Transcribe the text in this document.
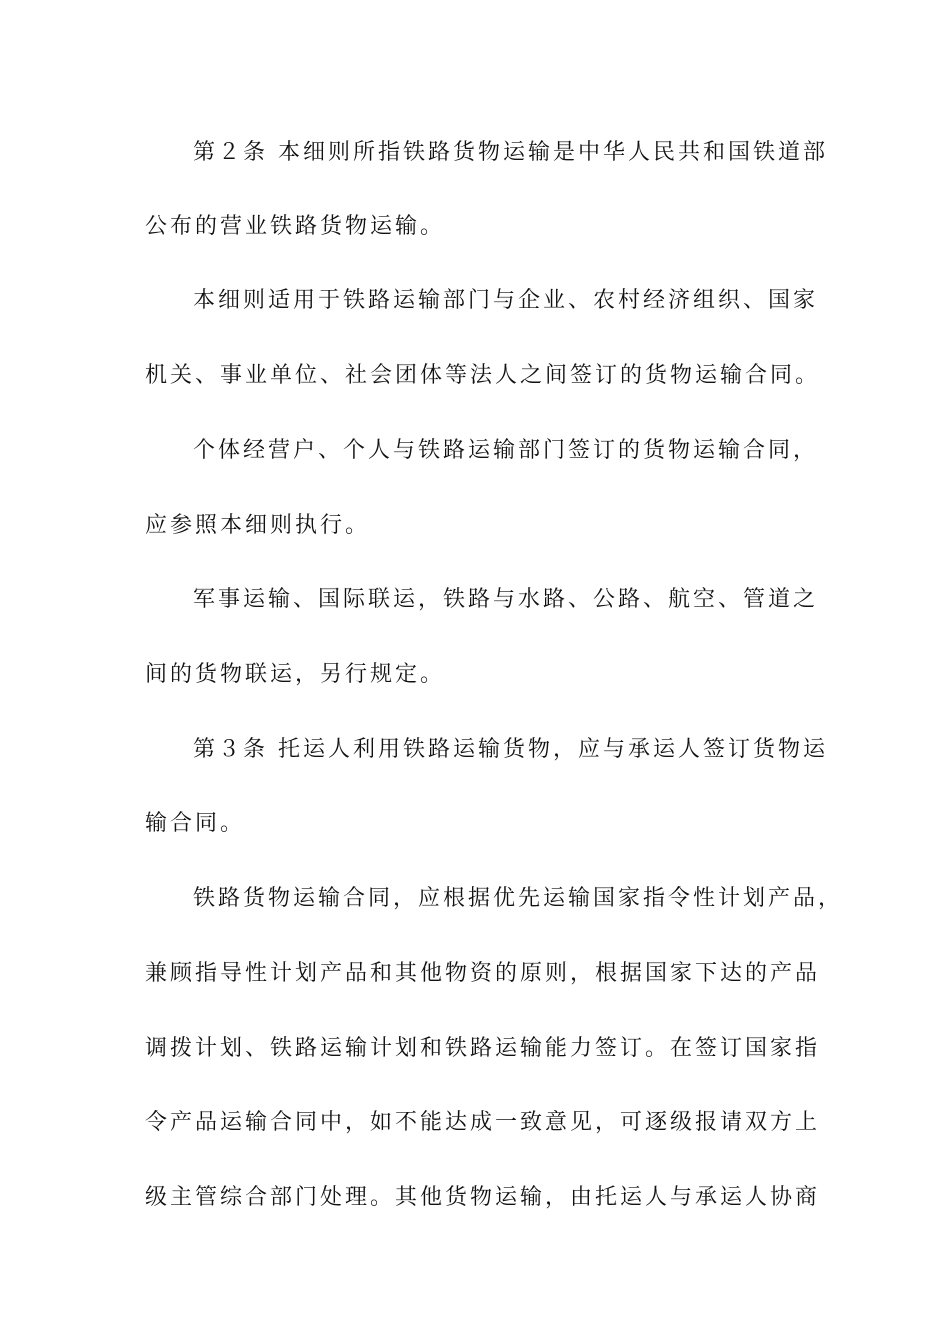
第２条 本细则所指铁路货物运输是中华人民共和国铁道部
公布的营业铁路货物运输。
本细则适用于铁路运输部门与企业、农村经济组织、国家
机关、事业单位、社会团体等法人之间签订的货物运输合同。
个体经营户、个人与铁路运输部门签订的货物运输合同，
应参照本细则执行。
军事运输、国际联运，铁路与水路、公路、航空、管道之
间的货物联运，另行规定。
第３条 托运人利用铁路运输货物，应与承运人签订货物运
输合同。
铁路货物运输合同，应根据优先运输国家指令性计划产品，
兼顾指导性计划产品和其他物资的原则，根据国家下达的产品
调拨计划、铁路运输计划和铁路运输能力签订。在签订国家指
令产品运输合同中，如不能达成一致意见，可逐级报请双方上
级主管综合部门处理。其他货物运输，由托运人与承运人协商
